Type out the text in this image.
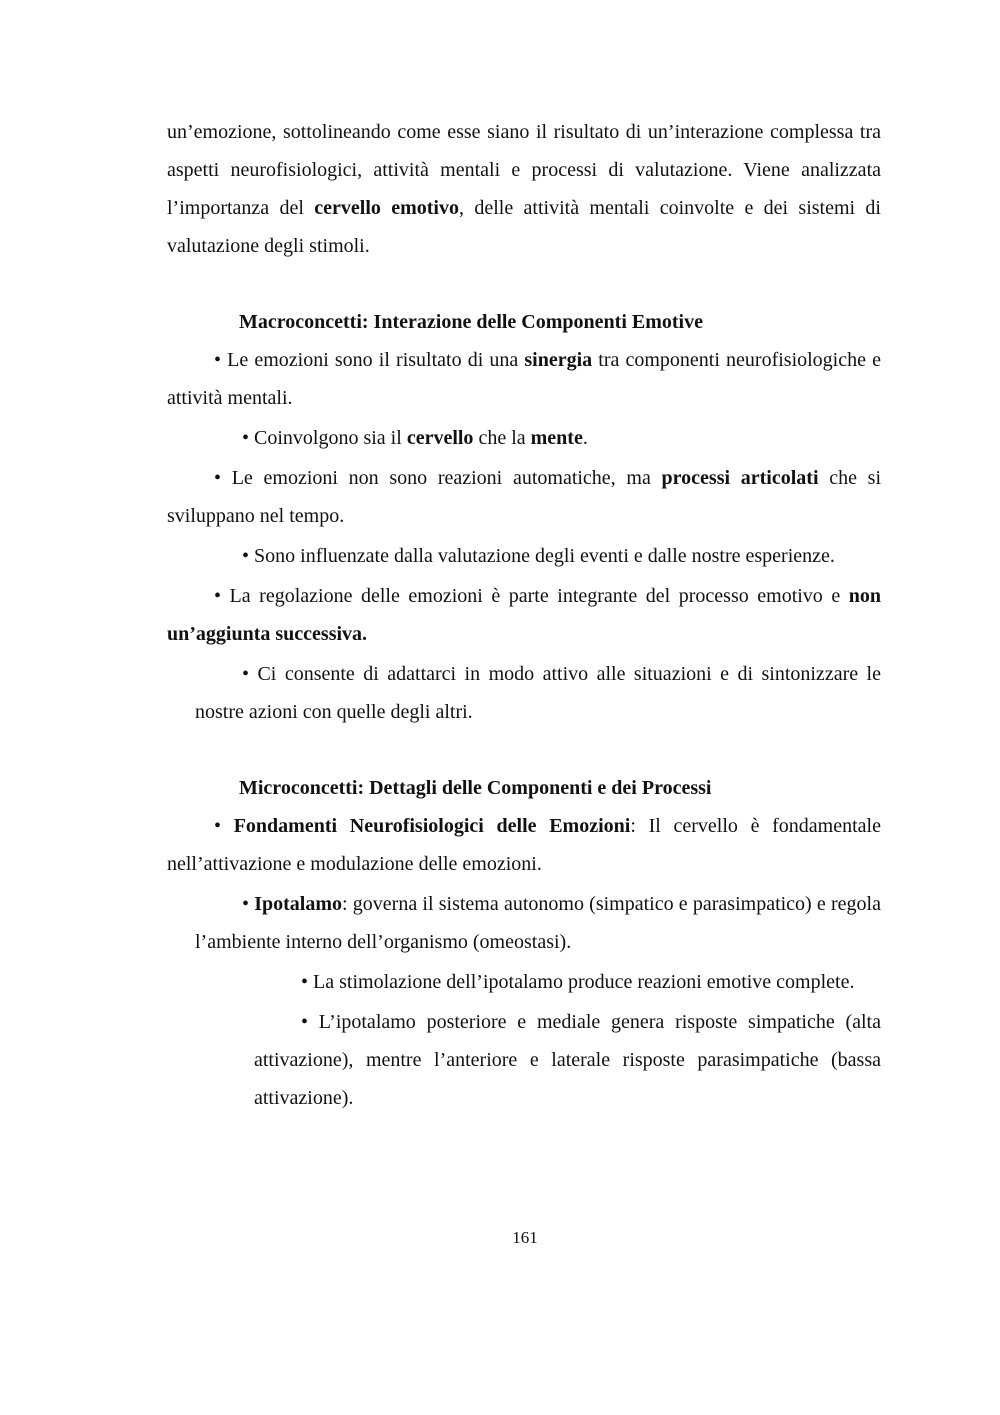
un’emozione, sottolineando come esse siano il risultato di un’interazione complessa tra aspetti neurofisiologici, attività mentali e processi di valutazione. Viene analizzata l’importanza del cervello emotivo, delle attività mentali coinvolte e dei sistemi di valutazione degli stimoli.

Macroconcetti: Interazione delle Componenti Emotive

• Le emozioni sono il risultato di una sinergia tra componenti neurofisiologiche e attività mentali.

• Coinvolgono sia il cervello che la mente.

• Le emozioni non sono reazioni automatiche, ma processi articolati che si sviluppano nel tempo.

• Sono influenzate dalla valutazione degli eventi e dalle nostre esperienze.

• La regolazione delle emozioni è parte integrante del processo emotivo e non un’aggiunta successiva.

• Ci consente di adattarci in modo attivo alle situazioni e di sintonizzare le nostre azioni con quelle degli altri.

Microconcetti: Dettagli delle Componenti e dei Processi

• Fondamenti Neurofisiologici delle Emozioni: Il cervello è fondamentale nell’attivazione e modulazione delle emozioni.

• Ipotalamo: governa il sistema autonomo (simpatico e parasimpatico) e regola l’ambiente interno dell’organismo (omeostasi).

• La stimolazione dell’ipotalamo produce reazioni emotive complete.

• L’ipotalamo posteriore e mediale genera risposte simpatiche (alta attivazione), mentre l’anteriore e laterale risposte parasimpatiche (bassa attivazione).

161
